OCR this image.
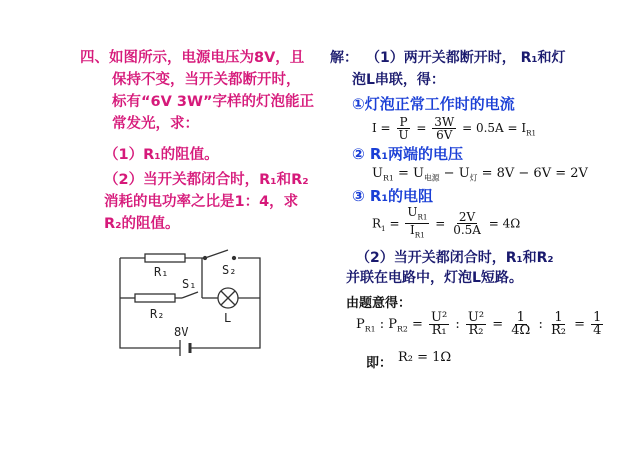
四、如图所示，电源电压为8V，且
保持不变，当开关都断开时，
标有“6V 3W”字样的灯泡能正
常发光，求：
（1）R₁的阻值。
（2）当开关都闭合时，R₁和R₂
消耗的电功率之比是1：4，求
R₂的阻值。
R₁
R₂
S₂
S₁
L
8V
解： （1）两开关都断开时， R₁和灯
泡L串联，得：
①灯泡正常工作时的电流
$I = \frac{P}{U} = \frac{3W}{6V} = 0.5A = I_{R1}$
② R₁两端的电压
$U_{R1} = U_{电源} - U_灯 = 8V - 6V = 2V$
③ R₁的电阻
$R_1 = \frac{U_{R1}}{I_{R1}} = \frac{2V}{0.5A} = 4\Omega$
（2）当开关都闭合时，R₁和R₂
并联在电路中，灯泡L短路。
由题意得：
$P_{R1}$ : $P_{R2} = \frac{\text{U²}}{\text{R₁}}$ : $\frac{\text{U²}}{\text{R₂}} = \frac{1}{4\Omega}$ : $\frac{1}{\text{R₂}} = \frac{1}{4}$
即： R₂ = 1Ω
